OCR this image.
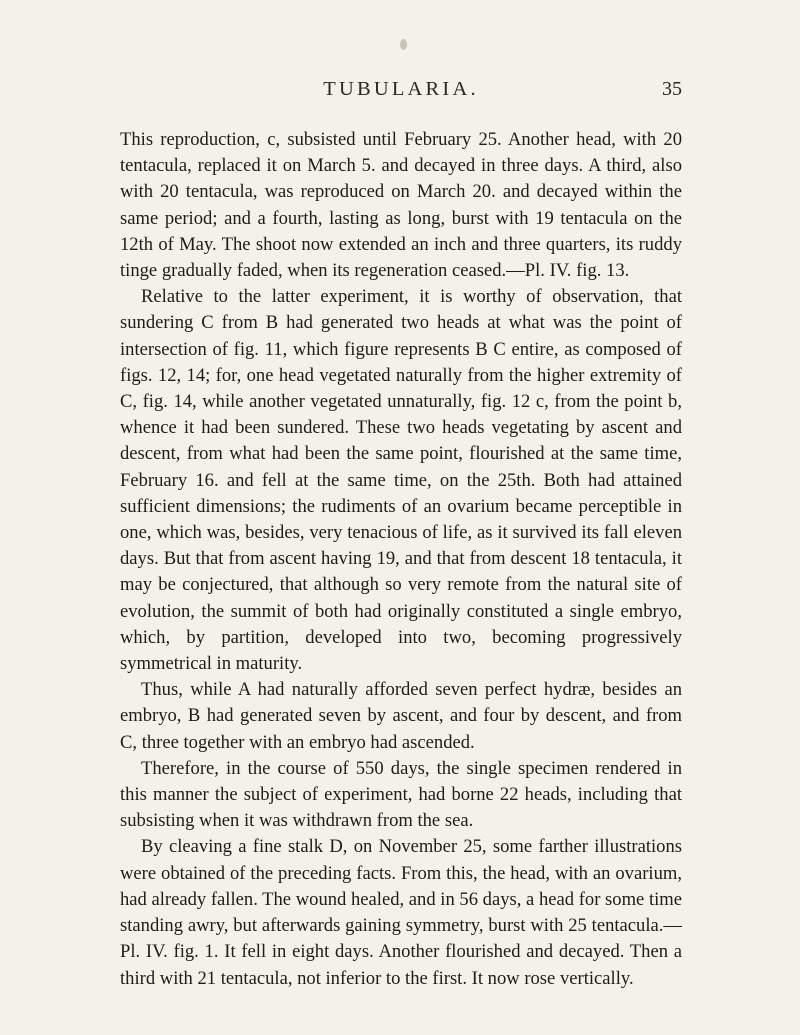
TUBULARIA.	35

This reproduction, c, subsisted until February 25. Another head, with 20 tentacula, replaced it on March 5. and decayed in three days. A third, also with 20 tentacula, was reproduced on March 20. and decayed within the same period; and a fourth, lasting as long, burst with 19 tentacula on the 12th of May. The shoot now extended an inch and three quarters, its ruddy tinge gradually faded, when its regeneration ceased.—Pl. IV. fig. 13.

Relative to the latter experiment, it is worthy of observation, that sundering C from B had generated two heads at what was the point of intersection of fig. 11, which figure represents B C entire, as composed of figs. 12, 14; for, one head vegetated naturally from the higher extremity of C, fig. 14, while another vegetated unnaturally, fig. 12 c, from the point b, whence it had been sundered. These two heads vegetating by ascent and descent, from what had been the same point, flourished at the same time, February 16. and fell at the same time, on the 25th. Both had attained sufficient dimensions; the rudiments of an ovarium became perceptible in one, which was, besides, very tenacious of life, as it survived its fall eleven days. But that from ascent having 19, and that from descent 18 tentacula, it may be conjectured, that although so very remote from the natural site of evolution, the summit of both had originally constituted a single embryo, which, by partition, developed into two, becoming progressively symmetrical in maturity.

Thus, while A had naturally afforded seven perfect hydræ, besides an embryo, B had generated seven by ascent, and four by descent, and from C, three together with an embryo had ascended.

Therefore, in the course of 550 days, the single specimen rendered in this manner the subject of experiment, had borne 22 heads, including that subsisting when it was withdrawn from the sea.

By cleaving a fine stalk D, on November 25, some farther illustrations were obtained of the preceding facts. From this, the head, with an ovarium, had already fallen. The wound healed, and in 56 days, a head for some time standing awry, but afterwards gaining symmetry, burst with 25 tentacula.—Pl. IV. fig. 1. It fell in eight days. Another flourished and decayed. Then a third with 21 tentacula, not inferior to the first. It now rose vertically.
